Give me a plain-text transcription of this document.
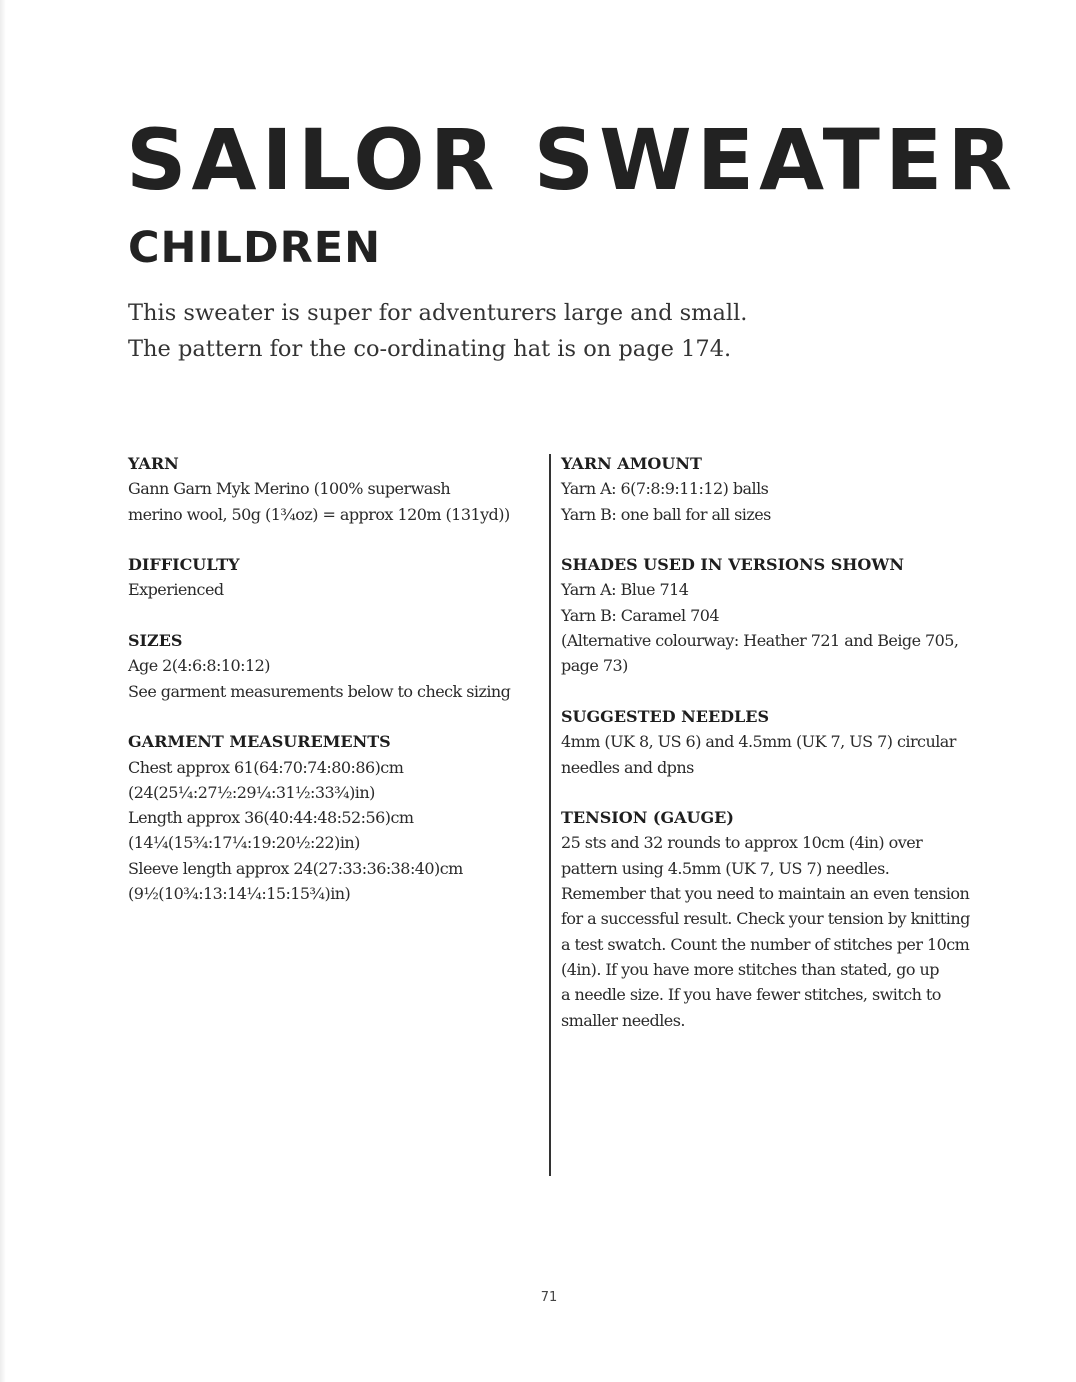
SAILOR SWEATER
CHILDREN

This sweater is super for adventurers large and small.
The pattern for the co-ordinating hat is on page 174.

YARN
Gann Garn Myk Merino (100% superwash
merino wool, 50g (1¾oz) = approx 120m (131yd))
DIFFICULTY
Experienced
SIZES
Age 2(4:6:8:10:12)
See garment measurements below to check sizing
GARMENT MEASUREMENTS
Chest approx 61(64:70:74:80:86)cm
(24(25¼:27½:29¼:31½:33¾)in)
Length approx 36(40:44:48:52:56)cm
(14¼(15¾:17¼:19:20½:22)in)
Sleeve length approx 24(27:33:36:38:40)cm
(9½(10¾:13:14¼:15:15¾)in)
YARN AMOUNT
Yarn A: 6(7:8:9:11:12) balls
Yarn B: one ball for all sizes
SHADES USED IN VERSIONS SHOWN
Yarn A: Blue 714
Yarn B: Caramel 704
(Alternative colourway: Heather 721 and Beige 705,
page 73)
SUGGESTED NEEDLES
4mm (UK 8, US 6) and 4.5mm (UK 7, US 7) circular
needles and dpns
TENSION (GAUGE)
25 sts and 32 rounds to approx 10cm (4in) over
pattern using 4.5mm (UK 7, US 7) needles.
Remember that you need to maintain an even tension
for a successful result. Check your tension by knitting
a test swatch. Count the number of stitches per 10cm
(4in). If you have more stitches than stated, go up
a needle size. If you have fewer stitches, switch to
smaller needles.
71
